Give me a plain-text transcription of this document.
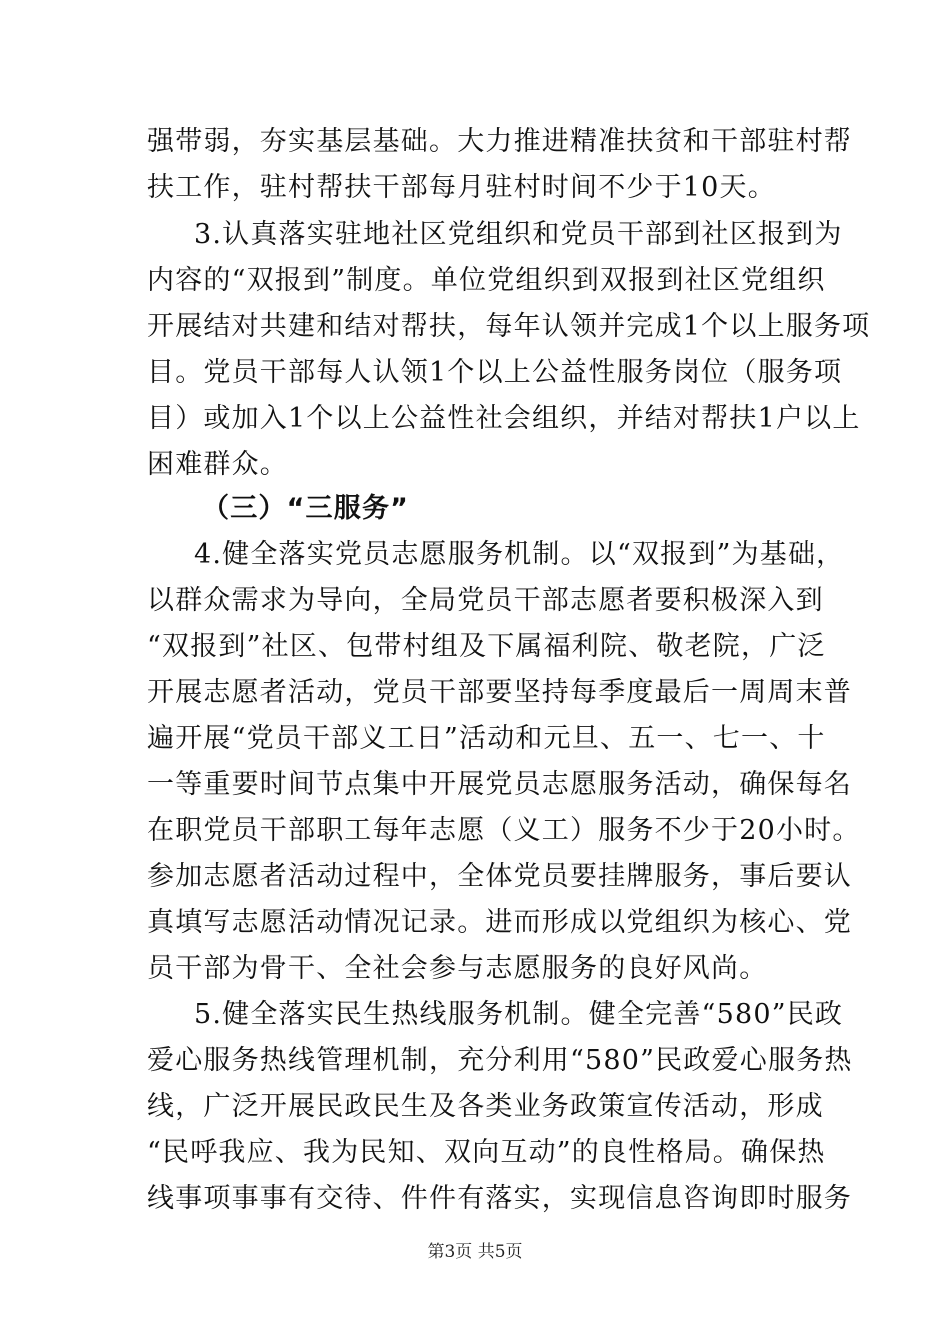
强带弱，夯实基层基础。大力推进精准扶贫和干部驻村帮
扶工作，驻村帮扶干部每月驻村时间不少于10天。
3.认真落实驻地社区党组织和党员干部到社区报到为
内容的“双报到”制度。单位党组织到双报到社区党组织
开展结对共建和结对帮扶，每年认领并完成1个以上服务项
目。党员干部每人认领1个以上公益性服务岗位（服务项
目）或加入1个以上公益性社会组织，并结对帮扶1户以上
困难群众。
（三）“三服务”
4.健全落实党员志愿服务机制。以“双报到”为基础，
以群众需求为导向，全局党员干部志愿者要积极深入到
“双报到”社区、包带村组及下属福利院、敬老院，广泛
开展志愿者活动，党员干部要坚持每季度最后一周周末普
遍开展“党员干部义工日”活动和元旦、五一、七一、十
一等重要时间节点集中开展党员志愿服务活动，确保每名
在职党员干部职工每年志愿（义工）服务不少于20小时。
参加志愿者活动过程中，全体党员要挂牌服务，事后要认
真填写志愿活动情况记录。进而形成以党组织为核心、党
员干部为骨干、全社会参与志愿服务的良好风尚。
5.健全落实民生热线服务机制。健全完善“580”民政
爱心服务热线管理机制，充分利用“580”民政爱心服务热
线，广泛开展民政民生及各类业务政策宣传活动，形成
“民呼我应、我为民知、双向互动”的良性格局。确保热
线事项事事有交待、件件有落实，实现信息咨询即时服务
第3页 共5页
